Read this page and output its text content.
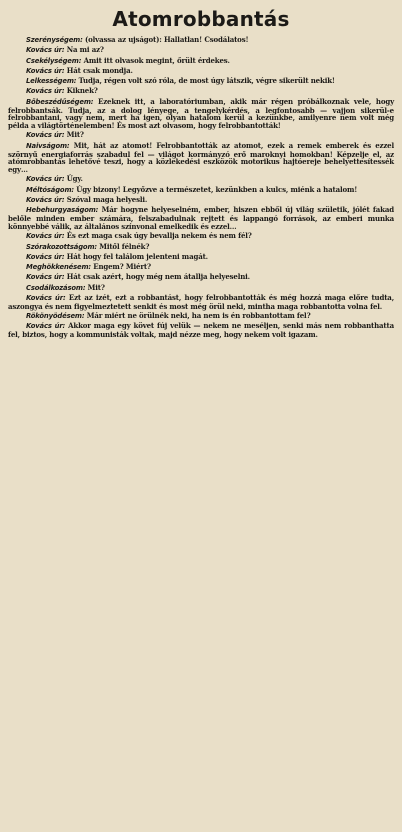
Atomrobbantás

Szerénységem: (olvassa az ujságot): Hallatlan! Csodálatos!

Kovács úr: Na mi az?

Csekélységem: Amit itt olvasok megint, őrült érdekes.

Kovács úr: Hát csak mondja.

Lelkességem: Tudja, régen volt szó róla, de most úgy látszik, végre sikerült nekik!

Kovács úr: Kiknek?

Bőbeszédűségem: Ezeknek itt, a laboratóriumban, akik már régen próbálkoznak vele, hogy felrobbantsák. Tudja, az a dolog lényege, a tengelykérdés, a legfontosabb — vajjon sikerül-e felrobbantani, vagy nem, mert ha igen, olyan hatalom kerül a kezünkbe, amilyenre nem volt még példa a világtörténelemben! És most azt olvasom, hogy felrobbantották!

Kovács úr: Mit?

Naivságom: Mit, hát az atomot! Felrobbantották az atomot, ezek a remek emberek és ezzel szörnyű energiaforrás szabadul fel — világot kormányzó erő maroknyi homokban! Képzelje el, az atómrobbantás lehetővé teszi, hogy a közlekedési eszközök motorikus hajtóereje behelyettesítessék egy…

Kovács úr: Úgy.

Méltóságom: Úgy bizony! Legyőzve a természetet, kezünkben a kulcs, miénk a hatalom!

Kovács úr: Szóval maga helyesli.

Hebehurgyaságom: Már hogyne helyeselném, ember, hiszen ebből új világ születik, jólét fakad belőle minden ember számára, felszabadulnak rejtett és lappangó források, az emberi munka könnyebbé válik, az általános színvonal emelkedik és ezzel…

Kovács úr: És ezt maga csak úgy bevallja nekem és nem fél?

Szórakozottságom: Mitől félnék?

Kovács úr: Hát hogy fel találom jelenteni magát.

Meghökkenésem: Engem? Miért?

Kovács úr: Hát csak azért, hogy még nem átallja helyeselni.

Csodálkozásom: Mit?

Kovács úr: Ezt az izét, ezt a robbantást, hogy felrobbantották és még hozzá maga előre tudta, aszongya és nem figyelmeztetett senkit és most még örül neki, mintha maga robbantotta volna fel.

Rökönyödésem: Már miért ne örülnék neki, ha nem is én robbantottam fel?

Kovács úr: Akkor maga egy követ fúj velük — nekem ne meséljen, senki más nem robbanthatta fel, biztos, hogy a kommunisták voltak, majd nézze meg, hogy nekem volt igazam.
